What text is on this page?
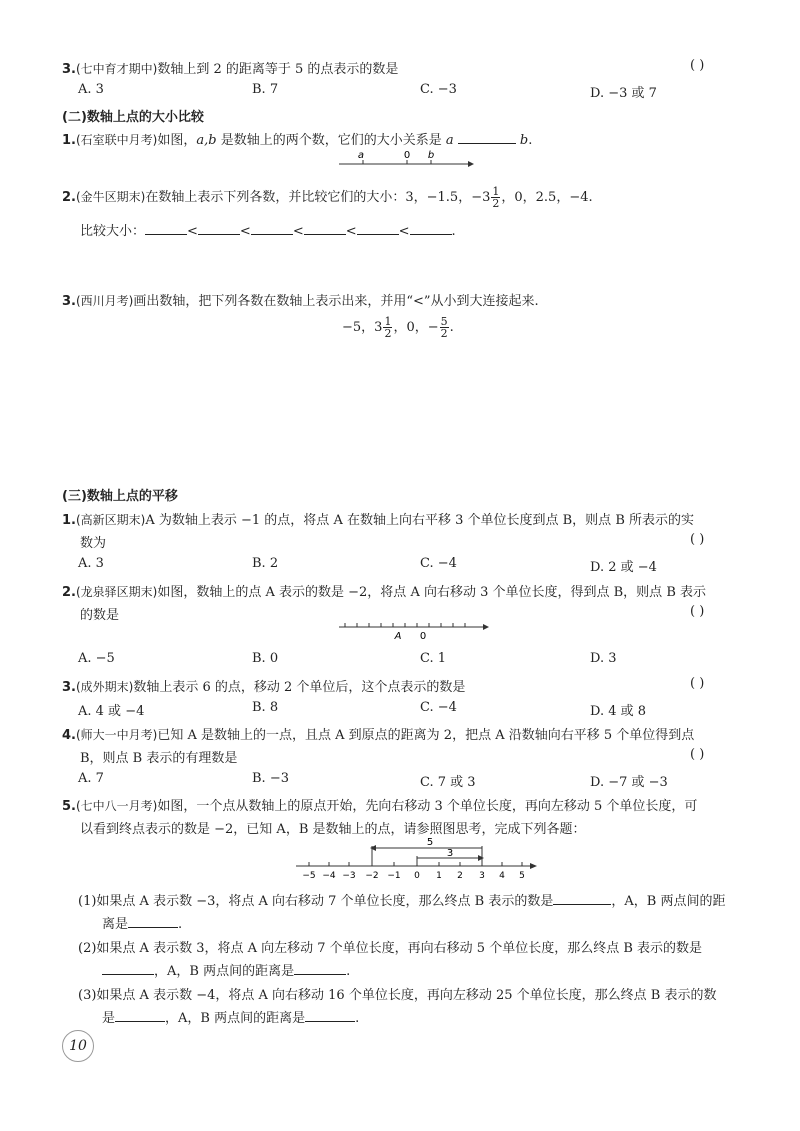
3.(七中育才期中)数轴上到 2 的距离等于 5 的点表示的数是	( )
A. 3	B. 7	C. −3	D. −3 或 7
(二)数轴上点的大小比较
1.(石室联中月考)如图，a,b 是数轴上的两个数，它们的大小关系是 a	b.
a	0 b
2.(金牛区期末)在数轴上表示下列各数，并比较它们的大小：3，−1.5，$-3 \frac{1}{2}$ ，0，2.5，−4.
比较大小：	<	<	<	<	<	.
3.(西川月考)画出数轴，把下列各数在数轴上表示出来，并用“<”从小到大连接起来.
−5，$3 \frac{1}{2}$ ，0，− $\frac{5}{2}$ .
(三)数轴上点的平移
1.(高新区期末)A 为数轴上表示 −1 的点，将点 A 在数轴上向右平移 3 个单位长度到点 B，则点 B 所表示的实
数为	( )
A. 3	B. 2	C. −4	D. 2 或 −4
2.(龙泉驿区期末)如图，数轴上的点 A 表示的数是 −2，将点 A 向右移动 3 个单位长度，得到点 B，则点 B 表示
的数是	( )
A 0
A. −5	B. 0	C. 1	D. 3
3.(成外期末)数轴上表示 6 的点，移动 2 个单位后，这个点表示的数是	( )
A. 4 或 −4	B. 8	C. −4	D. 4 或 8
4.(师大一中月考)已知 A 是数轴上的一点，且点 A 到原点的距离为 2，把点 A 沿数轴向右平移 5 个单位得到点
B，则点 B 表示的有理数是	( )
A. 7	B. −3	C. 7 或 3	D. −7 或 −3
5.(七中八一月考)如图，一个点从数轴上的原点开始，先向右移动 3 个单位长度，再向左移动 5 个单位长度，可
以看到终点表示的数是 −2，已知 A，B 是数轴上的点，请参照图思考，完成下列各题：
5
3
−5 −4 −3 −2 −1 0 1 2 3 4 5
(1)如果点 A 表示数 −3，将点 A 向右移动 7 个单位长度，那么终点 B 表示的数是	，A，B 两点间的距
离是	.
(2)如果点 A 表示数 3，将点 A 向左移动 7 个单位长度，再向右移动 5 个单位长度，那么终点 B 表示的数是
，A，B 两点间的距离是	.
(3)如果点 A 表示数 −4，将点 A 向右移动 16 个单位长度，再向左移动 25 个单位长度，那么终点 B 表示的数
是	，A，B 两点间的距离是	.
10
